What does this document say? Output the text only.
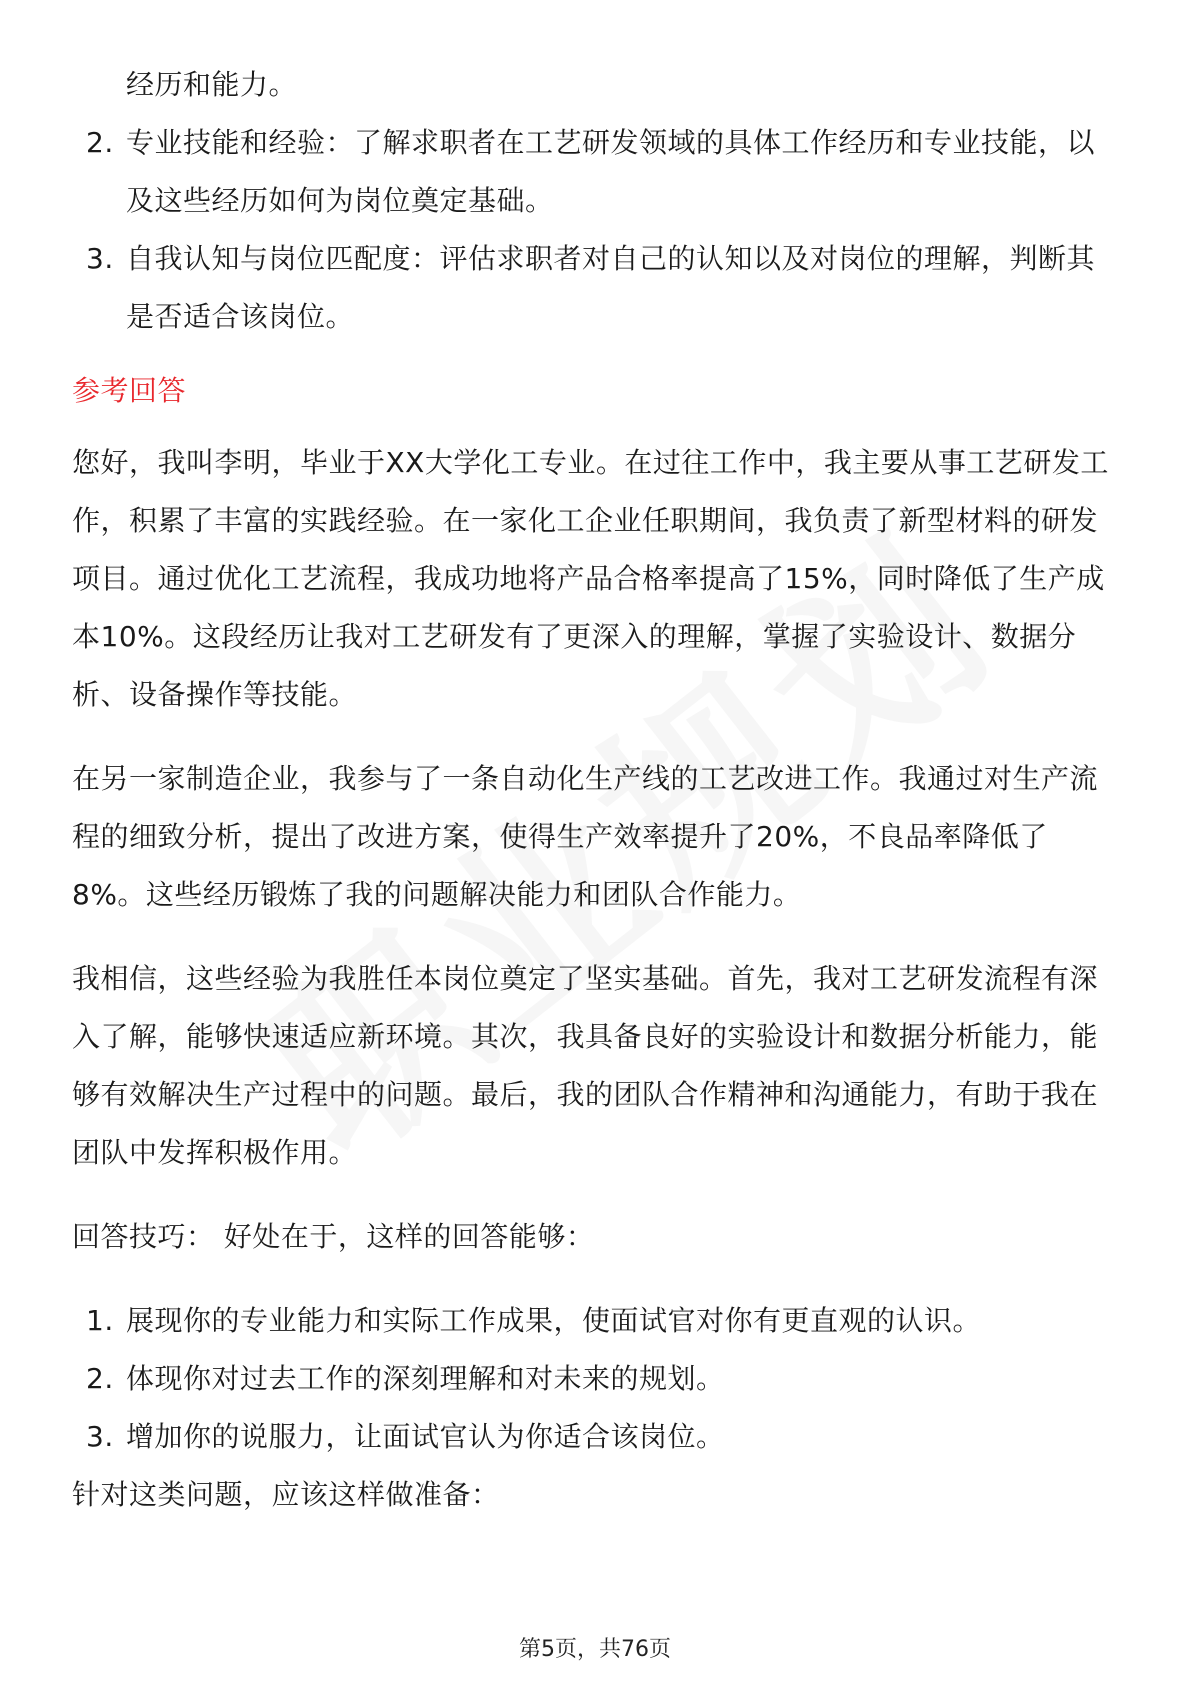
经历和能力。
2. 专业技能和经验：了解求职者在工艺研发领域的具体工作经历和专业技能，以
及这些经历如何为岗位奠定基础。
3. 自我认知与岗位匹配度：评估求职者对自己的认知以及对岗位的理解，判断其
是否适合该岗位。
参考回答

您好，我叫李明，毕业于XX大学化工专业。在过往工作中，我主要从事工艺研发工
作，积累了丰富的实践经验。在一家化工企业任职期间，我负责了新型材料的研发
项目。通过优化工艺流程，我成功地将产品合格率提高了15%，同时降低了生产成
本10%。这段经历让我对工艺研发有了更深入的理解，掌握了实验设计、数据分
析、设备操作等技能。

在另一家制造企业，我参与了一条自动化生产线的工艺改进工作。我通过对生产流
程的细致分析，提出了改进方案，使得生产效率提升了20%，不良品率降低了
8%。这些经历锻炼了我的问题解决能力和团队合作能力。

我相信，这些经验为我胜任本岗位奠定了坚实基础。首先，我对工艺研发流程有深
入了解，能够快速适应新环境。其次，我具备良好的实验设计和数据分析能力，能
够有效解决生产过程中的问题。最后，我的团队合作精神和沟通能力，有助于我在
团队中发挥积极作用。

回答技巧： 好处在于，这样的回答能够：

1. 展现你的专业能力和实际工作成果，使面试官对你有更直观的认识。
2. 体现你对过去工作的深刻理解和对未来的规划。
3. 增加你的说服力，让面试官认为你适合该岗位。

针对这类问题，应该这样做准备：

第5页，共76页
